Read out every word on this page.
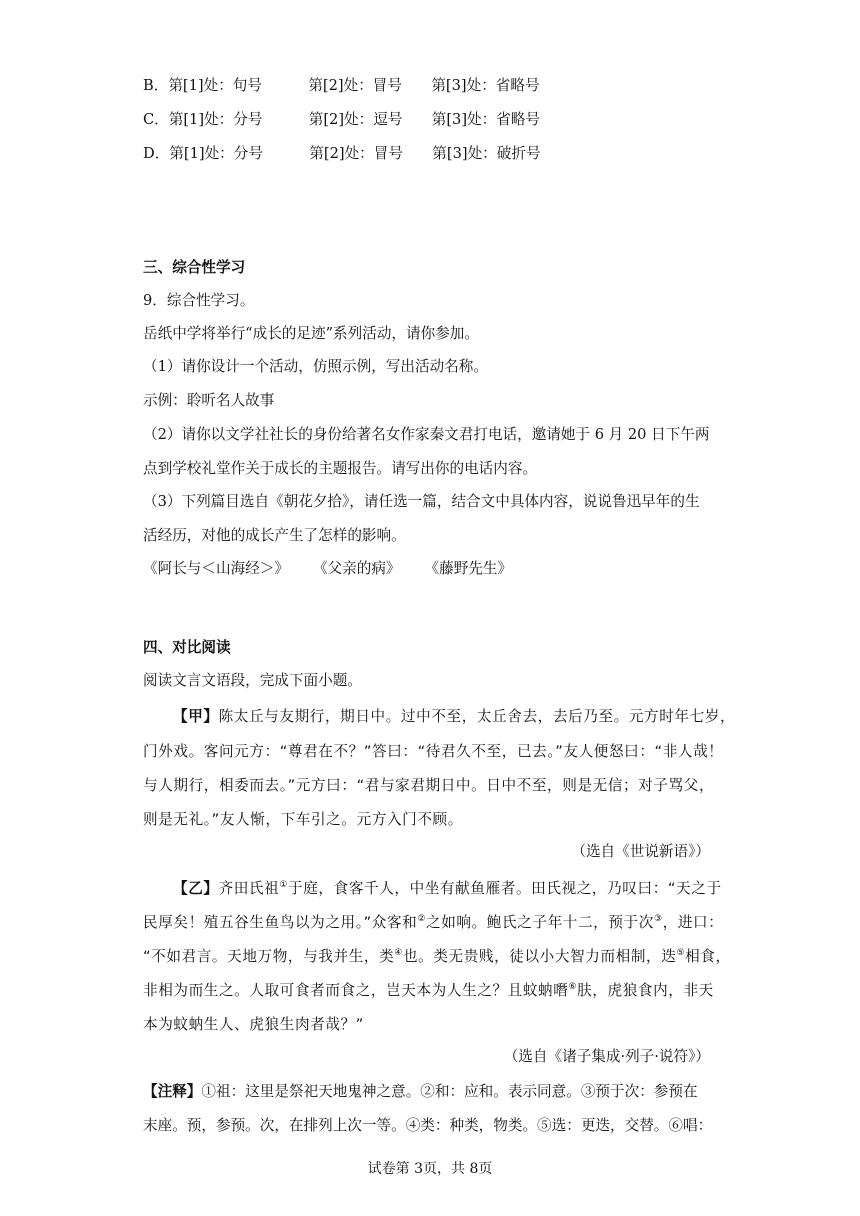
B．第[1]处：句号	第[2]处：冒号 第[3]处：省略号
C．第[1]处：分号	第[2]处：逗号 第[3]处：省略号
D．第[1]处：分号	第[2]处：冒号 第[3]处：破折号
三、综合性学习
9．综合性学习。
岳纸中学将举行“成长的足迹”系列活动，请你参加。
（1）请你设计一个活动，仿照示例，写出活动名称。
示例：聆听名人故事
（2）请你以文学社社长的身份给著名女作家秦文君打电话，邀请她于 6 月 20 日下午两
点到学校礼堂作关于成长的主题报告。请写出你的电话内容。
（3）下列篇目选自《朝花夕拾》，请任选一篇，结合文中具体内容，说说鲁迅早年的生
活经历，对他的成长产生了怎样的影响。
《阿长与＜山海经＞》 《父亲的病》 《藤野先生》
四、对比阅读
阅读文言文语段，完成下面小题。
【甲】陈太丘与友期行，期日中。过中不至，太丘舍去，去后乃至。元方时年七岁，
门外戏。客问元方：“尊君在不？”答曰：“待君久不至，已去。”友人便怒曰：“非人哉！
与人期行，相委而去。”元方曰：“君与家君期日中。日中不至，则是无信；对子骂父，
则是无礼。”友人惭，下车引之。元方入门不顾。
（选自《世说新语》）
【乙】齐田氏祖①于庭，食客千人，中坐有献鱼雁者。田氏视之，乃叹曰：“天之于
民厚矣！殖五谷生鱼鸟以为之用。”众客和②之如响。鲍氏之子年十二，预于次③，进口：
“不如君言。天地万物，与我并生，类④也。类无贵贱，徒以小大智力而相制，迭⑤相食，
非相为而生之。人取可食者而食之，岂天本为人生之？且蚊蚋噆⑥肤，虎狼食内，非天
本为蚊蚋生人、虎狼生肉者哉？”
（选自《诸子集成·列子·说符》）
【注释】①祖：这里是祭祀天地鬼神之意。②和：应和。表示同意。③预于次：参预在
末座。预，参预。次，在排列上次一等。④类：种类，物类。⑤选：更迭，交替。⑥唱：
试卷第 3页，共 8页
